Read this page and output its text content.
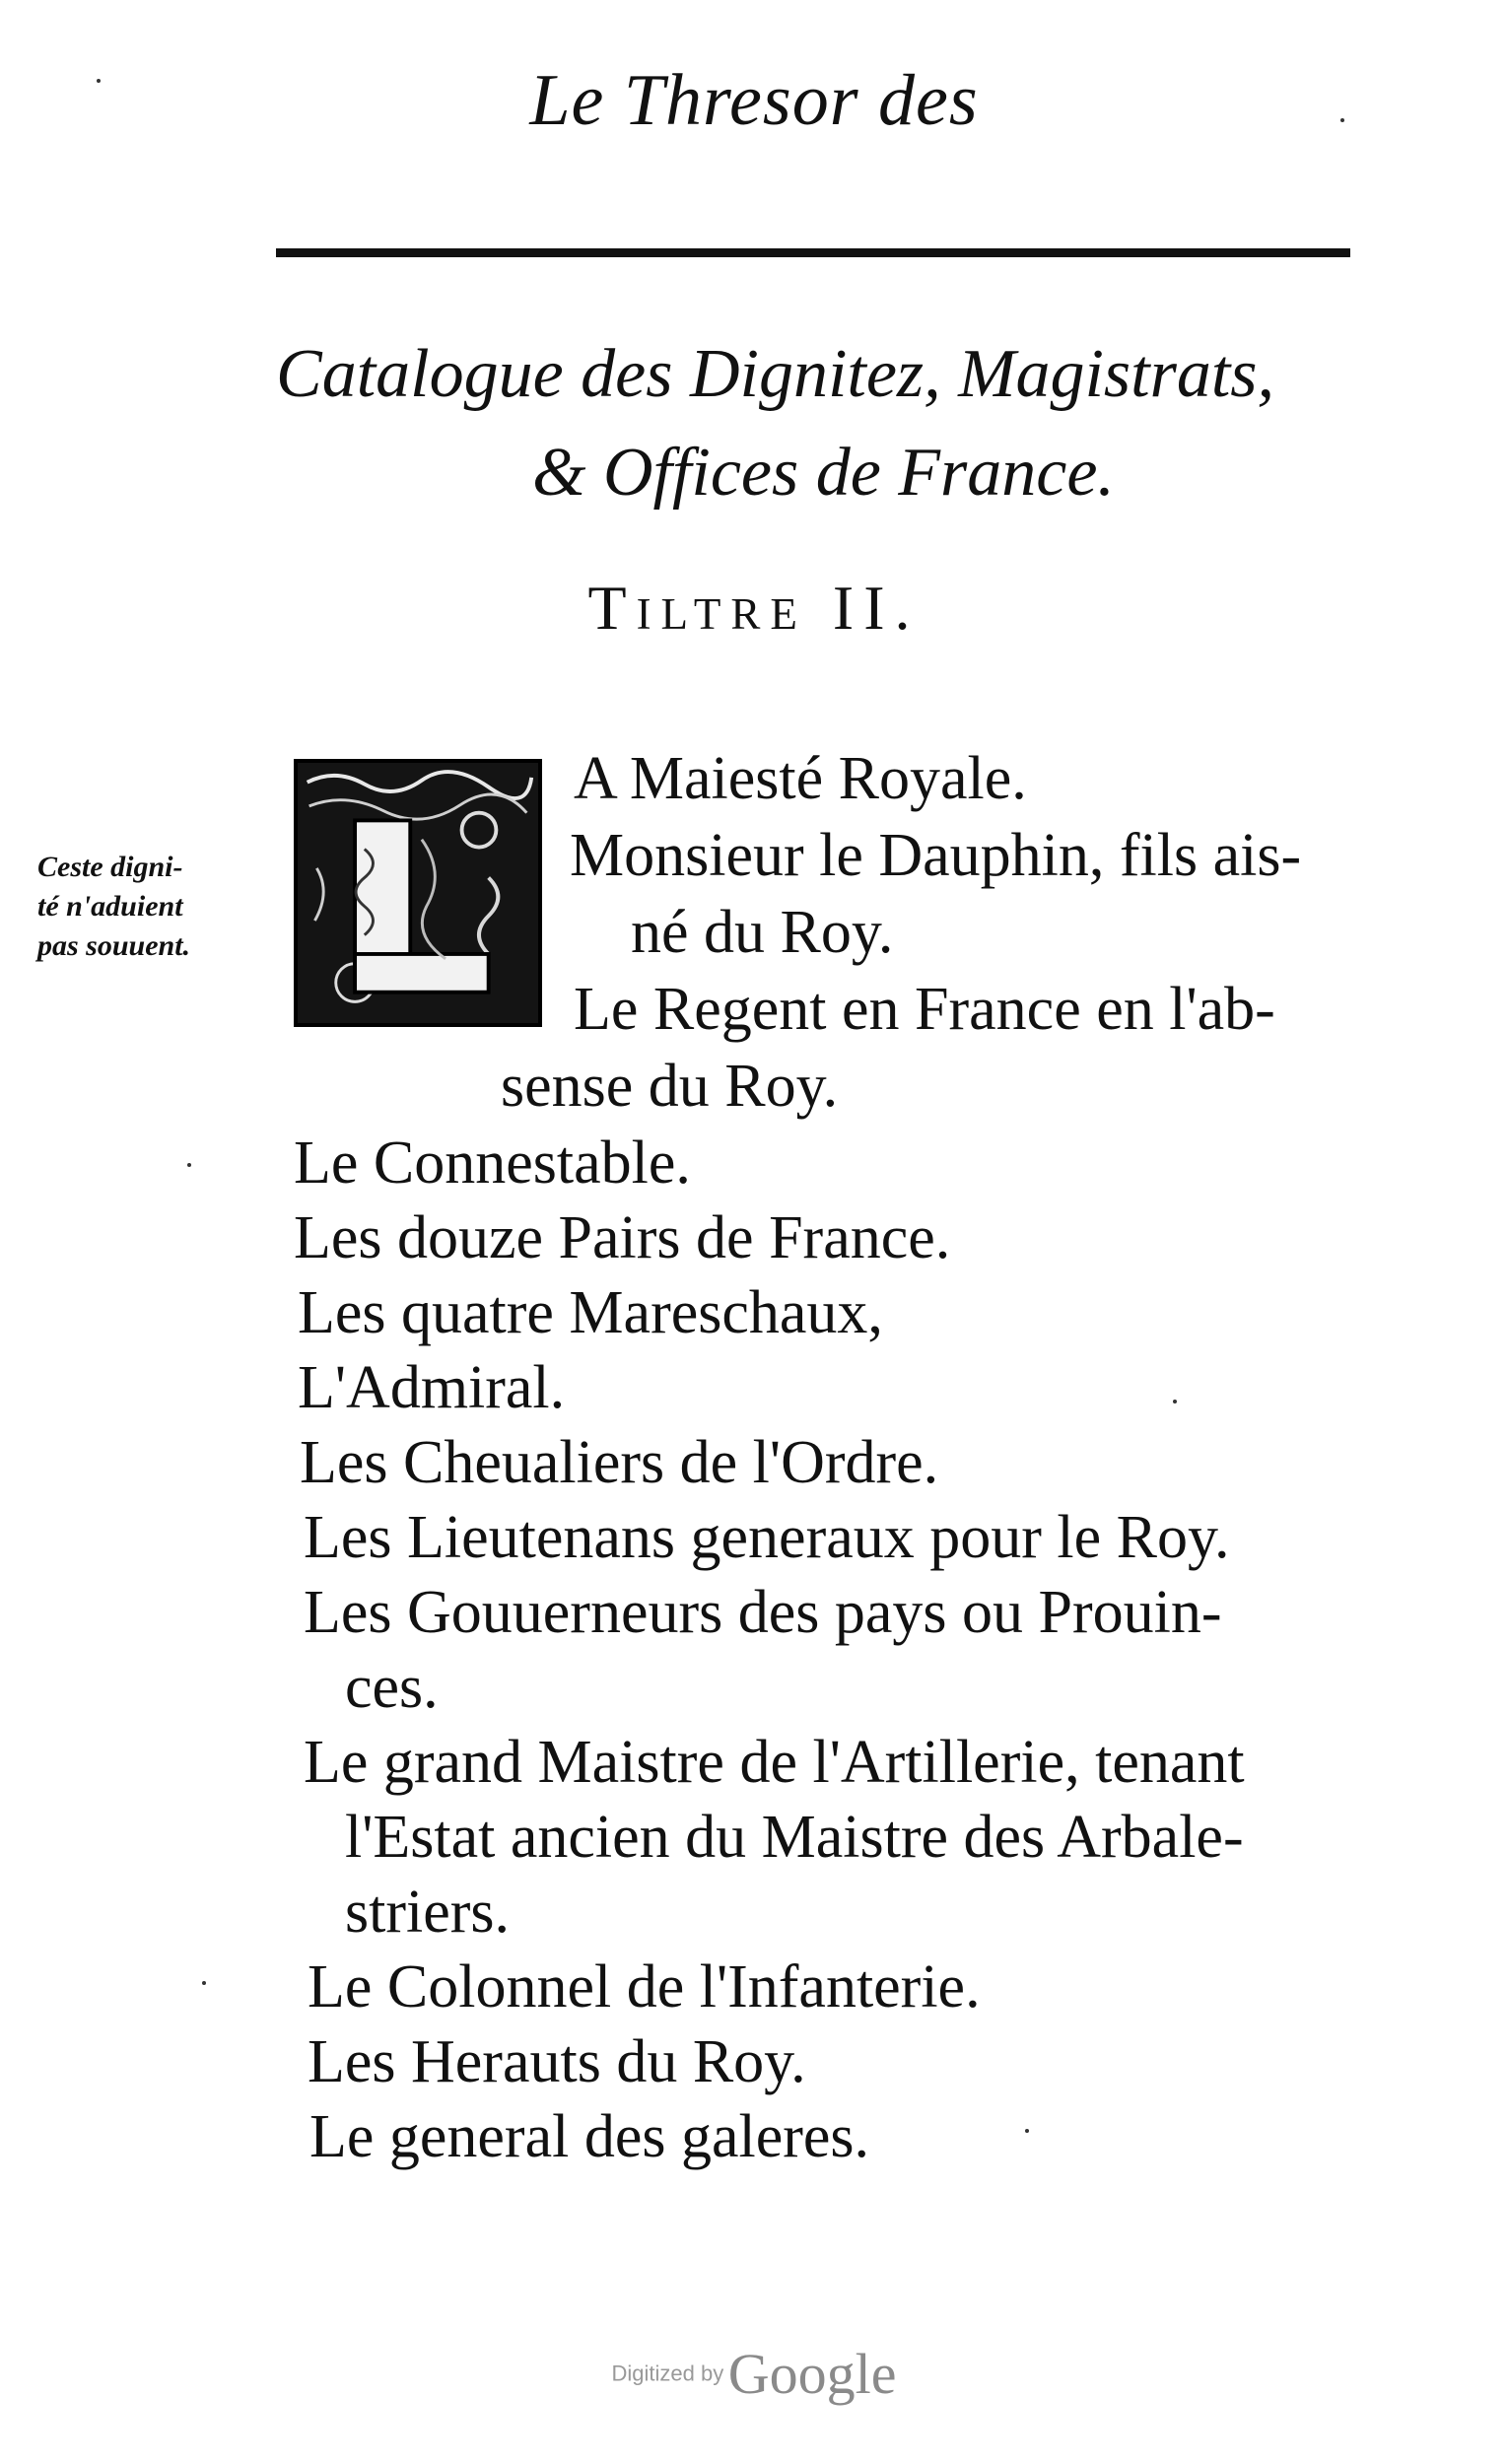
Le Thresor des
Catalogue des Dignitez, Magistrats,
& Offices de France.
Tiltre II.
Ceste digni-
té n'aduient
pas souuent.
A Maiesté Royale.
Monsieur le Dauphin, fils ais-
né du Roy.
Le Regent en France en l'ab-
sense du Roy.
Le Connestable.
Les douze Pairs de France.
Les quatre Mareschaux,
L'Admiral.
Les Cheualiers de l'Ordre.
Les Lieutenans generaux pour le Roy.
Les Gouuerneurs des pays ou Prouin-
ces.
Le grand Maistre de l'Artillerie, tenant
l'Estat ancien du Maistre des Arbale-
striers.
Le Colonnel de l'Infanterie.
Les Herauts du Roy.
Le general des galeres.
Digitized by Google
